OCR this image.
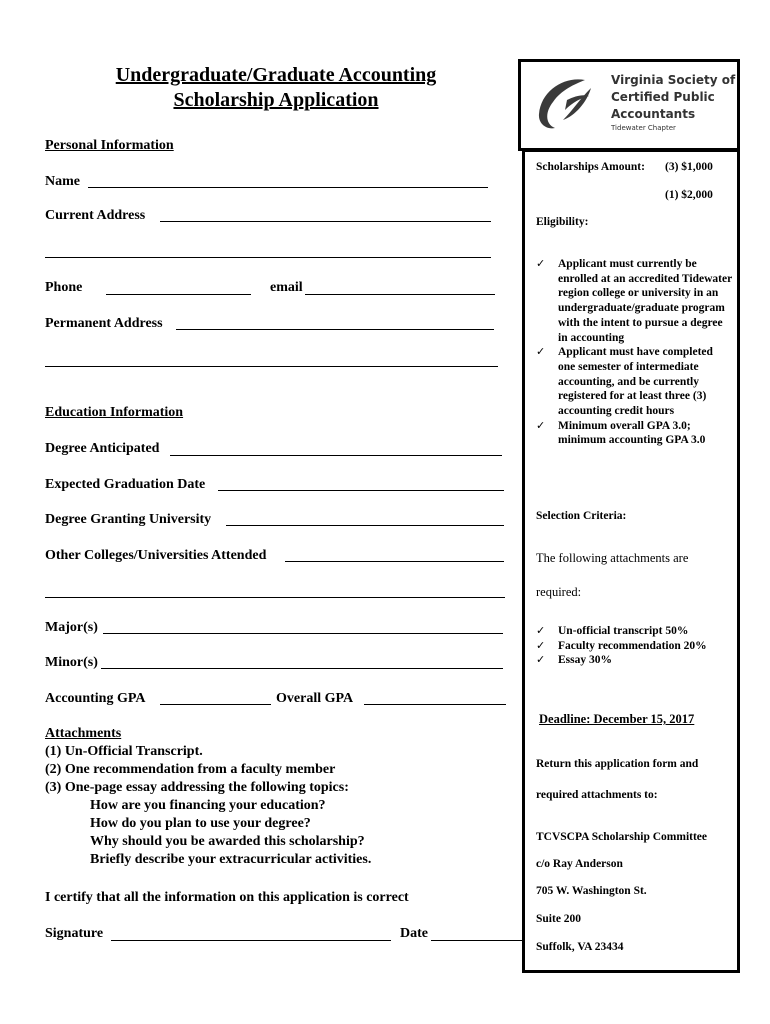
Undergraduate/Graduate Accounting
Scholarship Application
Personal Information
Name
Current Address
Phone	email
Permanent Address
Education Information
Degree Anticipated
Expected Graduation Date
Degree Granting University
Other Colleges/Universities Attended
Major(s)
Minor(s)
Accounting GPA	Overall GPA
Attachments
(1) Un-Official Transcript.
(2) One recommendation from a faculty member
(3) One-page essay addressing the following topics:
How are you financing your education?
How do you plan to use your degree?
Why should you be awarded this scholarship?
Briefly describe your extracurricular activities.
I certify that all the information on this application is correct
Signature	Date
Virginia Society of
Certified Public
Accountants
Tidewater Chapter
Scholarships Amount: (3) $1,000
(1) $2,000
Eligibility:
✓ Applicant must currently be enrolled at an accredited Tidewater region college or university in an undergraduate/graduate program with the intent to pursue a degree in accounting
✓ Applicant must have completed one semester of intermediate accounting, and be currently registered for at least three (3) accounting credit hours
✓ Minimum overall GPA 3.0; minimum accounting GPA 3.0
Selection Criteria:
The following attachments are
required:
✓ Un-official transcript 50%
✓ Faculty recommendation 20%
✓ Essay 30%
Deadline: December 15, 2017
Return this application form and
required attachments to:
TCVSCPA Scholarship Committee
c/o Ray Anderson
705 W. Washington St.
Suite 200
Suffolk, VA 23434
